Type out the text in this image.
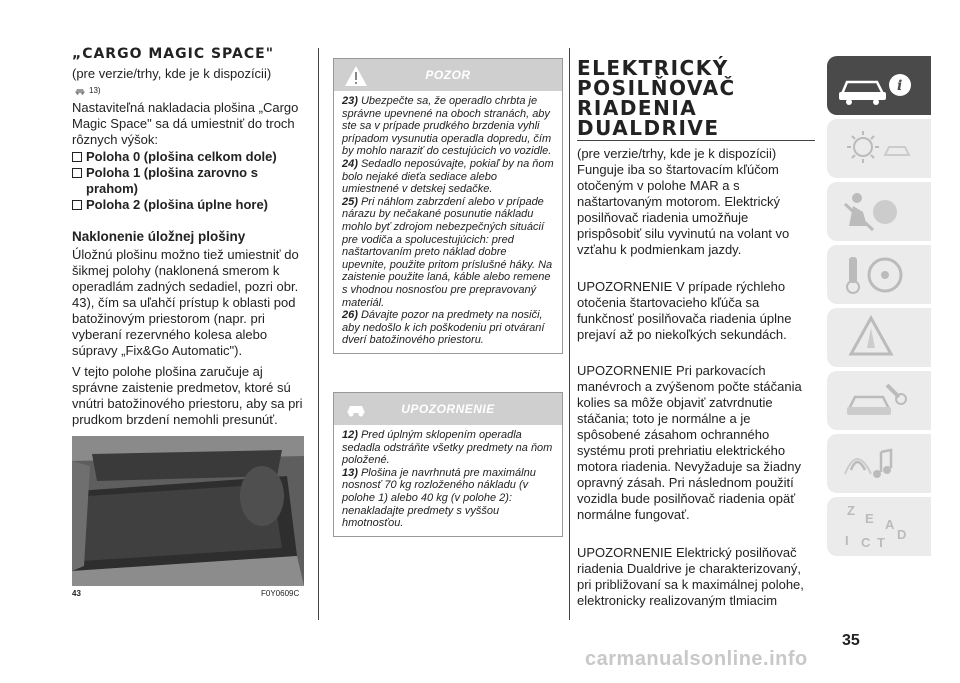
„CARGO MAGIC SPACE"
(pre verzie/trhy, kde je k dispozícii)
13)
Nastaviteľná nakladacia plošina „Cargo Magic Space" sa dá umiestniť do troch rôznych výšok:
Poloha 0 (plošina celkom dole)
Poloha 1 (plošina zarovno s prahom)
Poloha 2 (plošina úplne hore)
Naklonenie úložnej plošiny
Úložnú plošinu možno tiež umiestniť do šikmej polohy (naklonená smerom k operadlám zadných sedadiel, pozri obr. 43), čím sa uľahčí prístup k oblasti pod batožinovým priestorom (napr. pri vyberaní rezervného kolesa alebo súpravy „Fix&Go Automatic").
V tejto polohe plošina zaručuje aj správne zaistenie predmetov, ktoré sú vnútri batožinového priestoru, aby sa pri prudkom brzdení nemohli presunúť.
43	F0Y0609C
POZOR
23) Ubezpečte sa, že operadlo chrbta je správne upevnené na oboch stranách, aby ste sa v prípade prudkého brzdenia vyhli prípadom vysunutia operadla dopredu, čím by mohlo naraziť do cestujúcich vo vozidle.
24) Sedadlo neposúvajte, pokiaľ by na ňom bolo nejaké dieťa sediace alebo umiestnené v detskej sedačke.
25) Pri náhlom zabrzdení alebo v prípade nárazu by nečakané posunutie nákladu mohlo byť zdrojom nebezpečných situácií pre vodiča a spolucestujúcich: pred naštartovaním preto náklad dobre upevnite, použite pritom príslušné háky. Na zaistenie použite laná, káble alebo remene s vhodnou nosnosťou pre prepravovaný materiál.
26) Dávajte pozor na predmety na nosiči, aby nedošlo k ich poškodeniu pri otváraní dverí batožinového priestoru.
UPOZORNENIE
12) Pred úplným sklopením operadla sedadla odstráňte všetky predmety na ňom položené.
13) Plošina je navrhnutá pre maximálnu nosnosť 70 kg rozloženého nákladu (v polohe 1) alebo 40 kg (v polohe 2): nenakladajte predmety s vyššou hmotnosťou.
ELEKTRICKÝ
POSILŇOVAČ
RIADENIA
DUALDRIVE
(pre verzie/trhy, kde je k dispozícii)
Funguje iba so štartovacím kľúčom otočeným v polohe MAR a s naštartovaným motorom. Elektrický posilňovač riadenia umožňuje prispôsobiť silu vyvinutú na volant vo vzťahu k podmienkam jazdy.
UPOZORNENIE V prípade rýchleho otočenia štartovacieho kľúča sa funkčnosť posilňovača riadenia úplne prejaví až po niekoľkých sekundách.
UPOZORNENIE Pri parkovacích manévroch a zvýšenom počte stáčania kolies sa môže objaviť zatvrdnutie stáčania; toto je normálne a je spôsobené zásahom ochranného systému proti prehriatiu elektrického motora riadenia. Nevyžaduje sa žiadny opravný zásah. Pri následnom použití vozidla bude posilňovač riadenia opäť normálne fungovať.
UPOZORNENIE Elektrický posilňovač riadenia Dualdrive je charakterizovaný, pri približovaní sa k maximálnej polohe, elektronicky realizovaným tlmiacim
i
Z
E A
I C T
D
35
carmanualsonline.info
